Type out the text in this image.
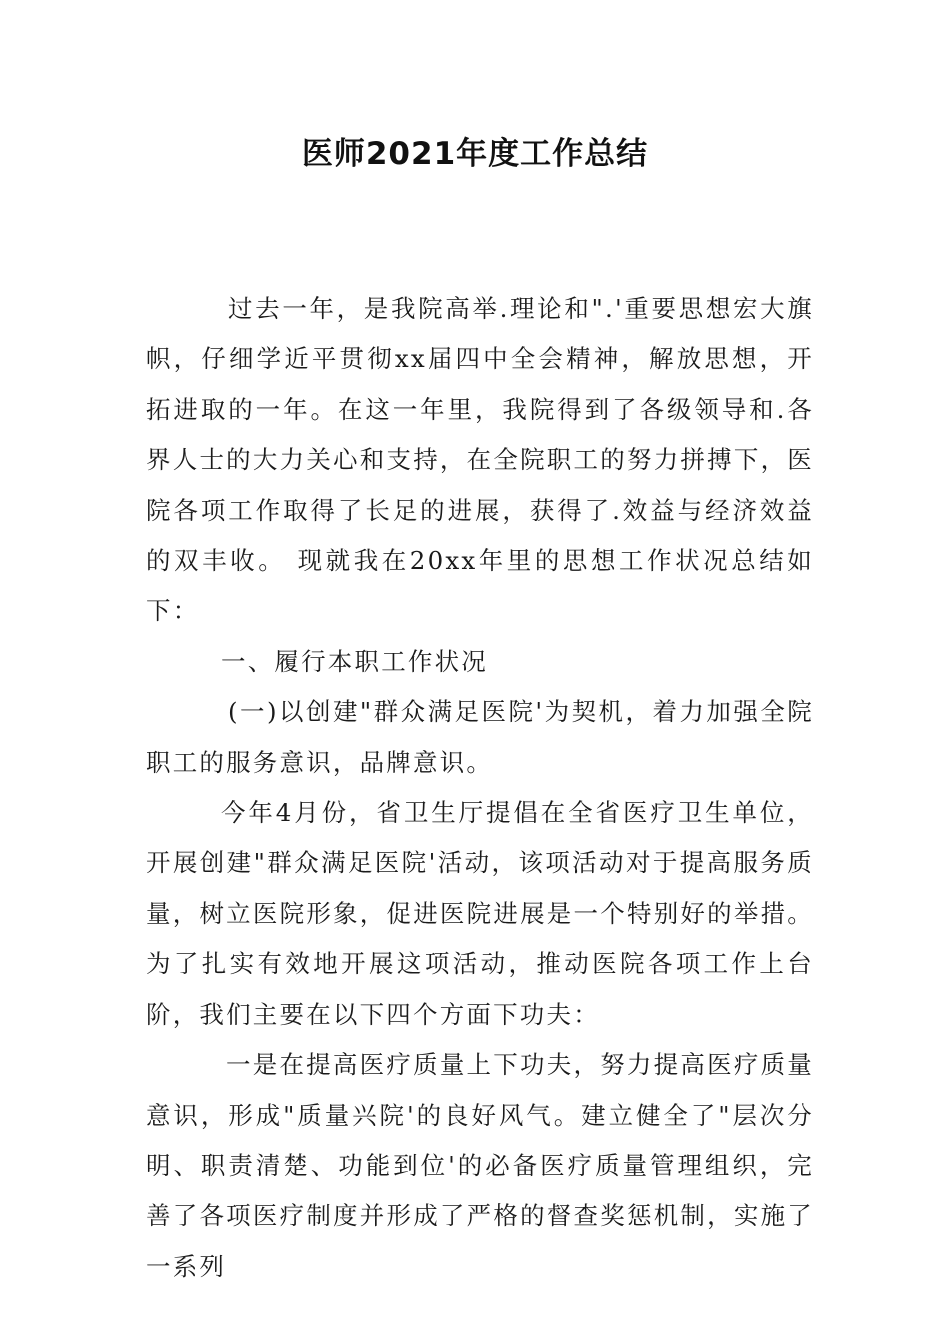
医师2021年度工作总结

过去一年，是我院高举.理论和".'重要思想宏大旗帜，仔细学近平贯彻xx届四中全会精神，解放思想，开拓进取的一年。在这一年里，我院得到了各级领导和.各界人士的大力关心和支持，在全院职工的努力拼搏下，医院各项工作取得了长足的进展，获得了.效益与经济效益的双丰收。 现就我在20xx年里的思想工作状况总结如下：

一、履行本职工作状况

(一)以创建"群众满足医院'为契机，着力加强全院职工的服务意识，品牌意识。

今年4月份，省卫生厅提倡在全省医疗卫生单位，开展创建"群众满足医院'活动，该项活动对于提高服务质量，树立医院形象，促进医院进展是一个特别好的举措。为了扎实有效地开展这项活动，推动医院各项工作上台阶，我们主要在以下四个方面下功夫：

一是在提高医疗质量上下功夫，努力提高医疗质量意识，形成"质量兴院'的良好风气。建立健全了"层次分明、职责清楚、功能到位'的必备医疗质量管理组织，完善了各项医疗制度并形成了严格的督查奖惩机制，实施了一系列
